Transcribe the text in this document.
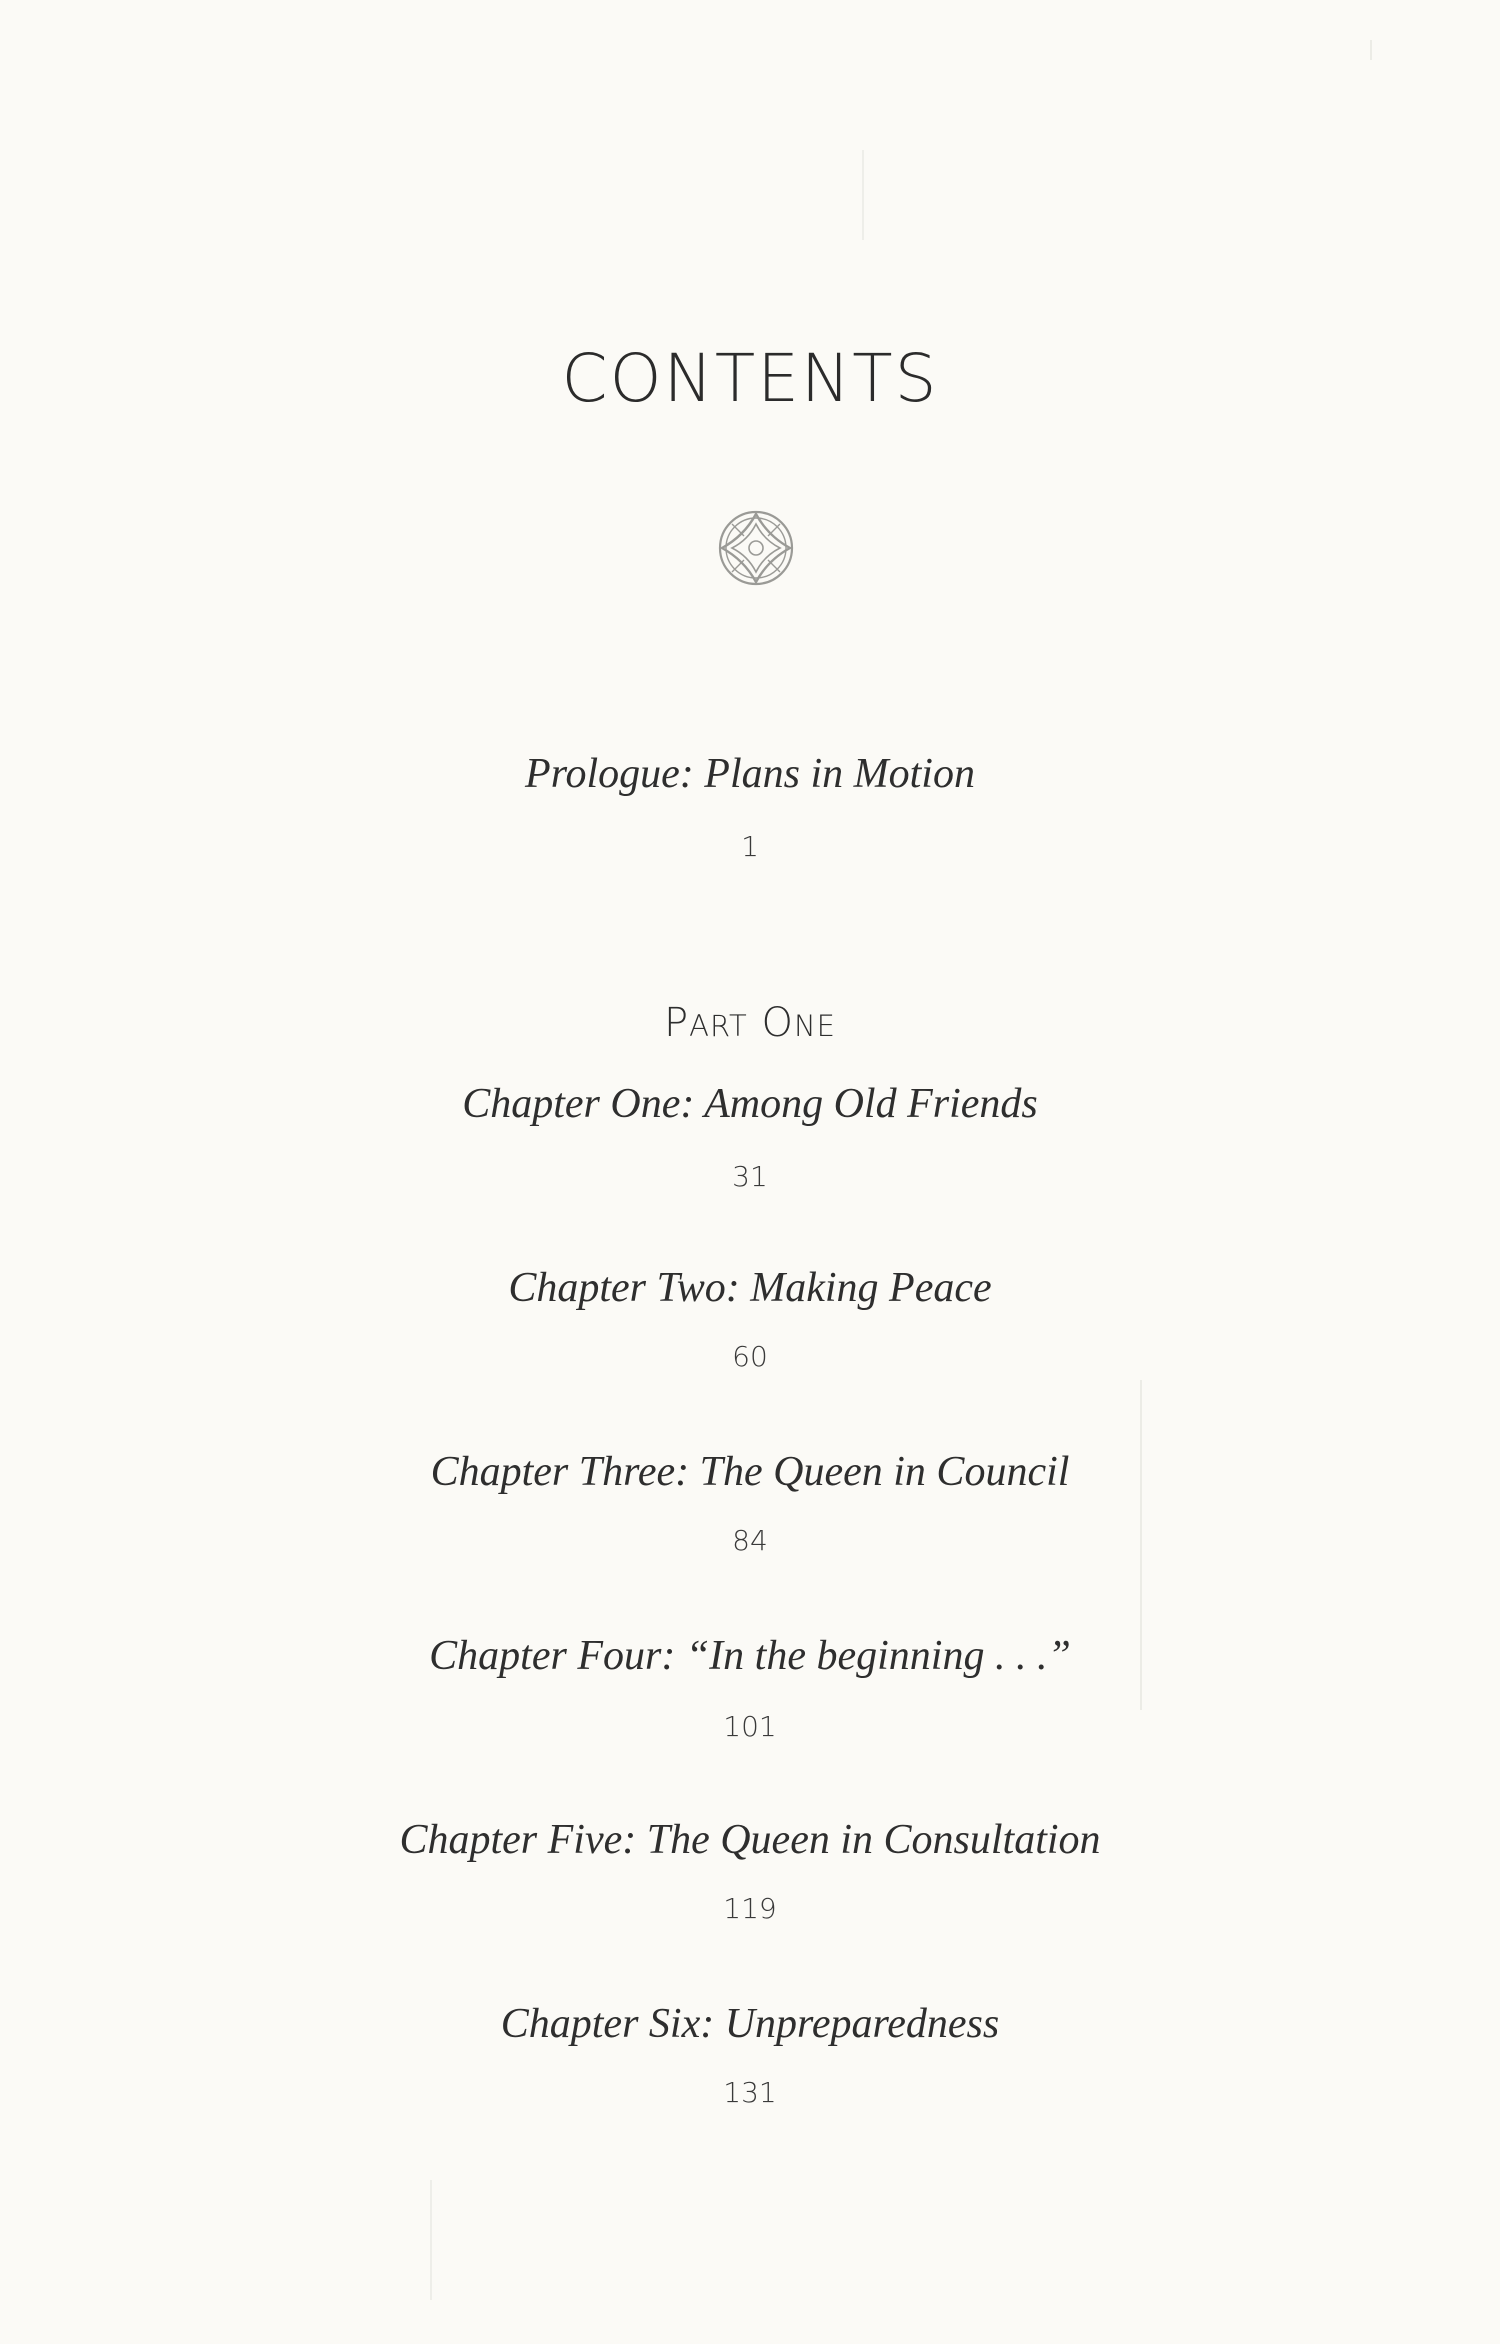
CONTENTS
Prologue: Plans in Motion
1
PART ONE
Chapter One: Among Old Friends
31
Chapter Two: Making Peace
60
Chapter Three: The Queen in Council
84
Chapter Four: “In the beginning . . .”
101
Chapter Five: The Queen in Consultation
119
Chapter Six: Unpreparedness
131
